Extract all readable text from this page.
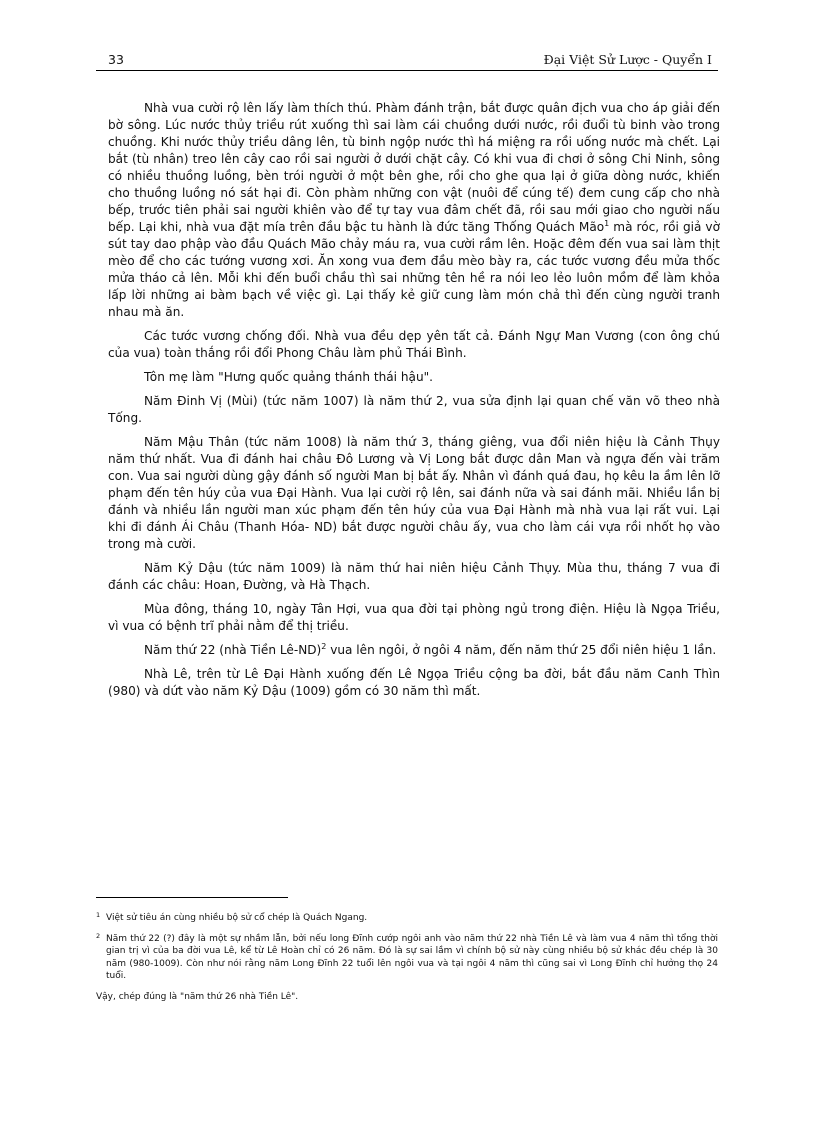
33	Đại Việt Sử Lược - Quyển I

Nhà vua cười rộ lên lấy làm thích thú. Phàm đánh trận, bắt được quân địch vua cho áp giải đến bờ sông. Lúc nước thủy triều rút xuống thì sai làm cái chuồng dưới nước, rồi đuổi tù binh vào trong chuồng. Khi nước thủy triều dâng lên, tù binh ngộp nước thì há miệng ra rồi uống nước mà chết. Lại bắt (tù nhân) treo lên cây cao rồi sai người ở dưới chặt cây. Có khi vua đi chơi ở sông Chi Ninh, sông có nhiều thuồng luồng, bèn trói người ở một bên ghe, rồi cho ghe qua lại ở giữa dòng nước, khiến cho thuồng luồng nó sát hại đi. Còn phàm những con vật (nuôi để cúng tế) đem cung cấp cho nhà bếp, trước tiên phải sai người khiên vào để tự tay vua đâm chết đã, rồi sau mới giao cho người nấu bếp. Lại khi, nhà vua đặt mía trên đầu bậc tu hành là đức tăng Thống Quách Mão$^1$ mà róc, rồi giả vờ sút tay dao phập vào đầu Quách Mão chảy máu ra, vua cười rầm lên. Hoặc đêm đến vua sai làm thịt mèo để cho các tướng vương xơi. Ăn xong vua đem đầu mèo bày ra, các tước vương đều mửa thốc mửa tháo cả lên. Mỗi khi đến buổi chầu thì sai những tên hề ra nói leo lẻo luôn mồm để làm khỏa lấp lời những ai bàm bạch về việc gì. Lại thấy kẻ giữ cung làm món chả thì đến cùng người tranh nhau mà ăn.

Các tước vương chống đối. Nhà vua đều dẹp yên tất cả. Đánh Ngự Man Vương (con ông chú của vua) toàn thắng rồi đổi Phong Châu làm phủ Thái Bình.

Tôn mẹ làm "Hưng quốc quảng thánh thái hậu".

Năm Đinh Vị (Mùi) (tức năm 1007) là năm thứ 2, vua sửa định lại quan chế văn võ theo nhà Tống.

Năm Mậu Thân (tức năm 1008) là năm thứ 3, tháng giêng, vua đổi niên hiệu là Cảnh Thụy năm thứ nhất. Vua đi đánh hai châu Đô Lương và Vị Long bắt được dân Man và ngựa đến vài trăm con. Vua sai người dùng gậy đánh số người Man bị bắt ấy. Nhân vì đánh quá đau, họ kêu la ầm lên lỡ phạm đến tên húy của vua Đại Hành. Vua lại cười rộ lên, sai đánh nữa và sai đánh mãi. Nhiều lần bị đánh và nhiều lần người man xúc phạm đến tên húy của vua Đại Hành mà nhà vua lại rất vui. Lại khi đi đánh Ái Châu (Thanh Hóa- ND) bắt được người châu ấy, vua cho làm cái vựa rồi nhốt họ vào trong mà cười.

Năm Kỷ Dậu (tức năm 1009) là năm thứ hai niên hiệu Cảnh Thụy. Mùa thu, tháng 7 vua đi đánh các châu: Hoan, Đường, và Hà Thạch.

Mùa đông, tháng 10, ngày Tân Hợi, vua qua đời tại phòng ngủ trong điện. Hiệu là Ngọa Triều, vì vua có bệnh trĩ phải nằm để thị triều.

Năm thứ 22 (nhà Tiền Lê-ND)$^2$ vua lên ngôi, ở ngôi 4 năm, đến năm thứ 25 đổi niên hiệu 1 lần.

Nhà Lê, trên từ Lê Đại Hành xuống đến Lê Ngọa Triều cộng ba đời, bắt đầu năm Canh Thìn (980) và dứt vào năm Kỷ Dậu (1009) gồm có 30 năm thì mất.

1 Việt sử tiêu án cùng nhiều bộ sử cổ chép là Quách Ngang.
2 Năm thứ 22 (?) đây là một sự nhầm lẫn, bởi nếu long Đĩnh cướp ngôi anh vào năm thứ 22 nhà Tiền Lê và làm vua 4 năm thì tổng thời gian trị vì của ba đời vua Lê, kể từ Lê Hoàn chỉ có 26 năm. Đó là sự sai lầm vì chính bộ sử này cùng nhiều bộ sử khác đều chép là 30 năm (980-1009). Còn như nói rằng năm Long Đĩnh 22 tuổi lên ngôi vua và tại ngôi 4 năm thì cũng sai vì Long Đĩnh chỉ hưởng thọ 24 tuổi.

Vậy, chép đúng là "năm thứ 26 nhà Tiền Lê".
